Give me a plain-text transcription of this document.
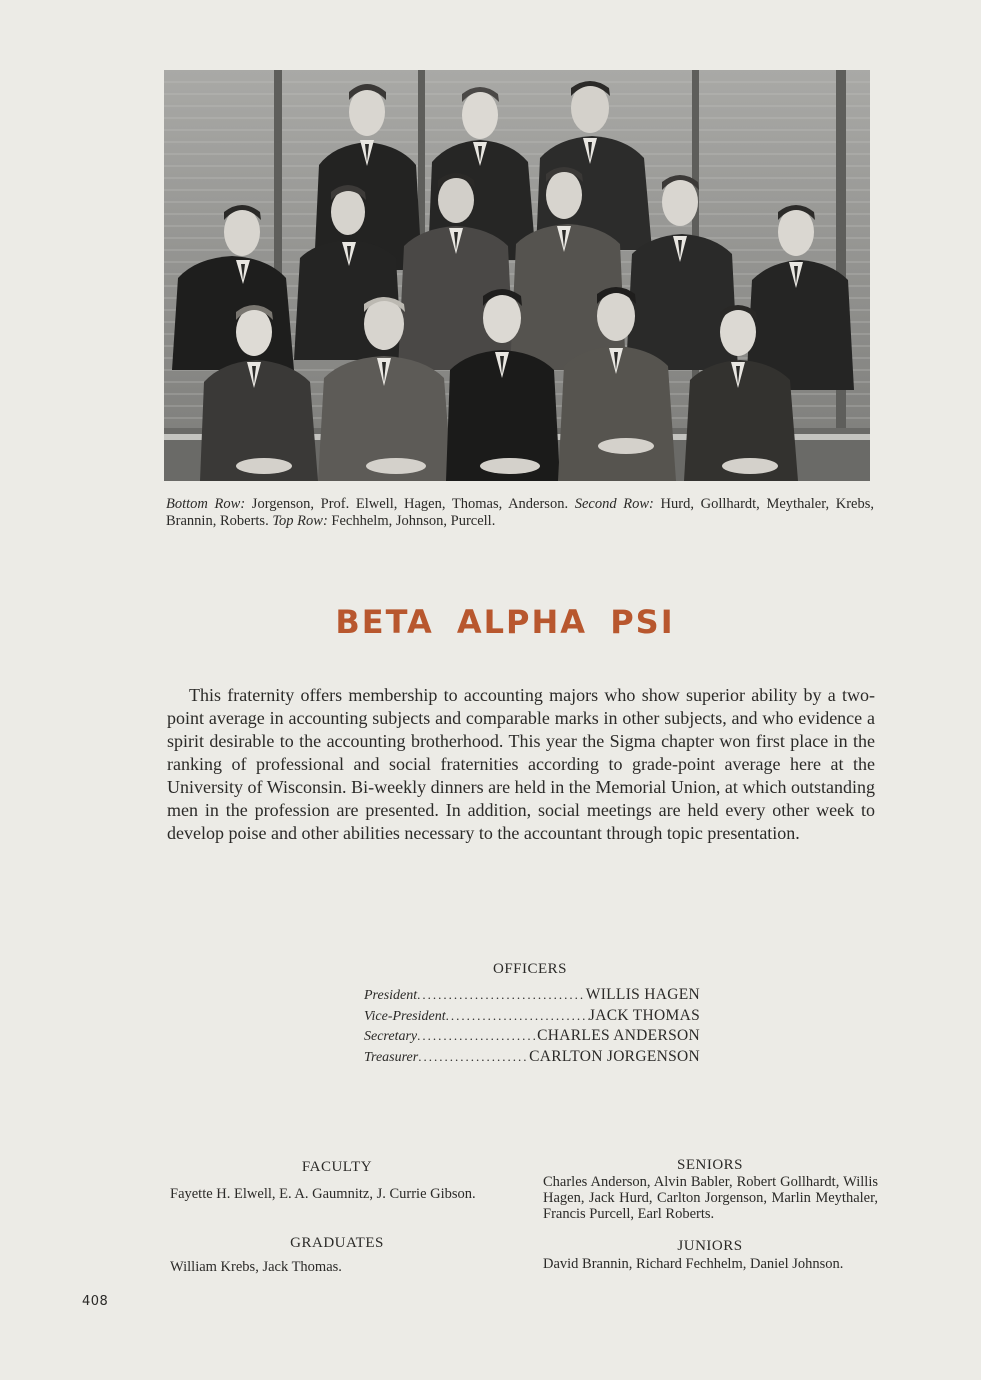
Bottom Row: Jorgenson, Prof. Elwell, Hagen, Thomas, Anderson. Second Row: Hurd, Gollhardt, Meythaler, Krebs, Brannin, Roberts. Top Row: Fechhelm, Johnson, Purcell.
BETA ALPHA PSI

This fraternity offers membership to accounting majors who show superior ability by a two-point average in accounting subjects and comparable marks in other subjects, and who evidence a spirit desirable to the accounting brotherhood. This year the Sigma chapter won first place in the ranking of professional and social fraternities according to grade-point average here at the University of Wisconsin. Bi-weekly dinners are held in the Memorial Union, at which outstanding men in the profession are presented. In addition, social meetings are held every other week to develop poise and other abilities necessary to the accountant through topic presentation.

OFFICERS
President .....	WILLIS HAGEN
Vice-President .....	JACK THOMAS
Secretary .....	CHARLES ANDERSON
Treasurer .....	CARLTON JORGENSON
FACULTY
Fayette H. Elwell, E. A. Gaumnitz, J. Currie Gibson.
GRADUATES
William Krebs, Jack Thomas.
SENIORS
Charles Anderson, Alvin Babler, Robert Gollhardt, Willis Hagen, Jack Hurd, Carlton Jorgenson, Marlin Meythaler, Francis Purcell, Earl Roberts.
JUNIORS
David Brannin, Richard Fechhelm, Daniel Johnson.
408
